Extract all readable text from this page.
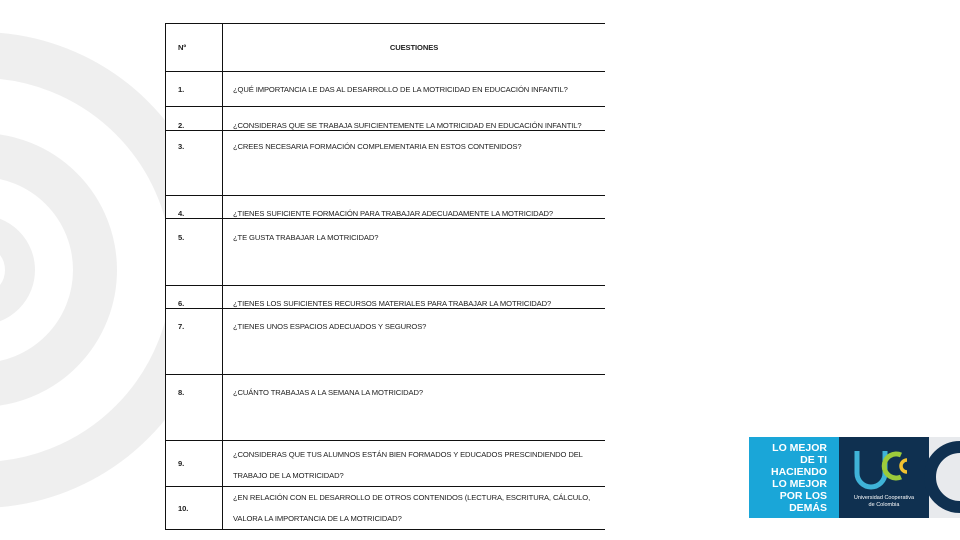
Nº	CUESTIONES
1.	¿QUÉ IMPORTANCIA LE DAS AL DESARROLLO DE LA MOTRICIDAD EN EDUCACIÓN INFANTIL?
2.	¿CONSIDERAS QUE SE TRABAJA SUFICIENTEMENTE LA MOTRICIDAD EN EDUCACIÓN INFANTIL?
3.	¿CREES NECESARIA FORMACIÓN COMPLEMENTARIA EN ESTOS CONTENIDOS?
4.	¿TIENES SUFICIENTE FORMACIÓN PARA TRABAJAR ADECUADAMENTE LA MOTRICIDAD?
5.	¿TE GUSTA TRABAJAR LA MOTRICIDAD?
6.	¿TIENES LOS SUFICIENTES RECURSOS MATERIALES PARA TRABAJAR LA MOTRICIDAD?
7.	¿TIENES UNOS ESPACIOS ADECUADOS Y SEGUROS?
8.	¿CUÁNTO TRABAJAS A LA SEMANA LA MOTRICIDAD?
9.	¿CONSIDERAS QUE TUS ALUMNOS ESTÁN BIEN FORMADOS Y EDUCADOS PRESCINDIENDO DEL
TRABAJO DE LA MOTRICIDAD?

10.	¿EN RELACIÓN CON EL DESARROLLO DE OTROS CONTENIDOS (LECTURA, ESCRITURA, CÁLCULO,
VALORA LA IMPORTANCIA DE LA MOTRICIDAD?
LO MEJOR
DE TI
HACIENDO
LO MEJOR
POR LOS
DEMÁS
Universidad Cooperativa
de Colombia
